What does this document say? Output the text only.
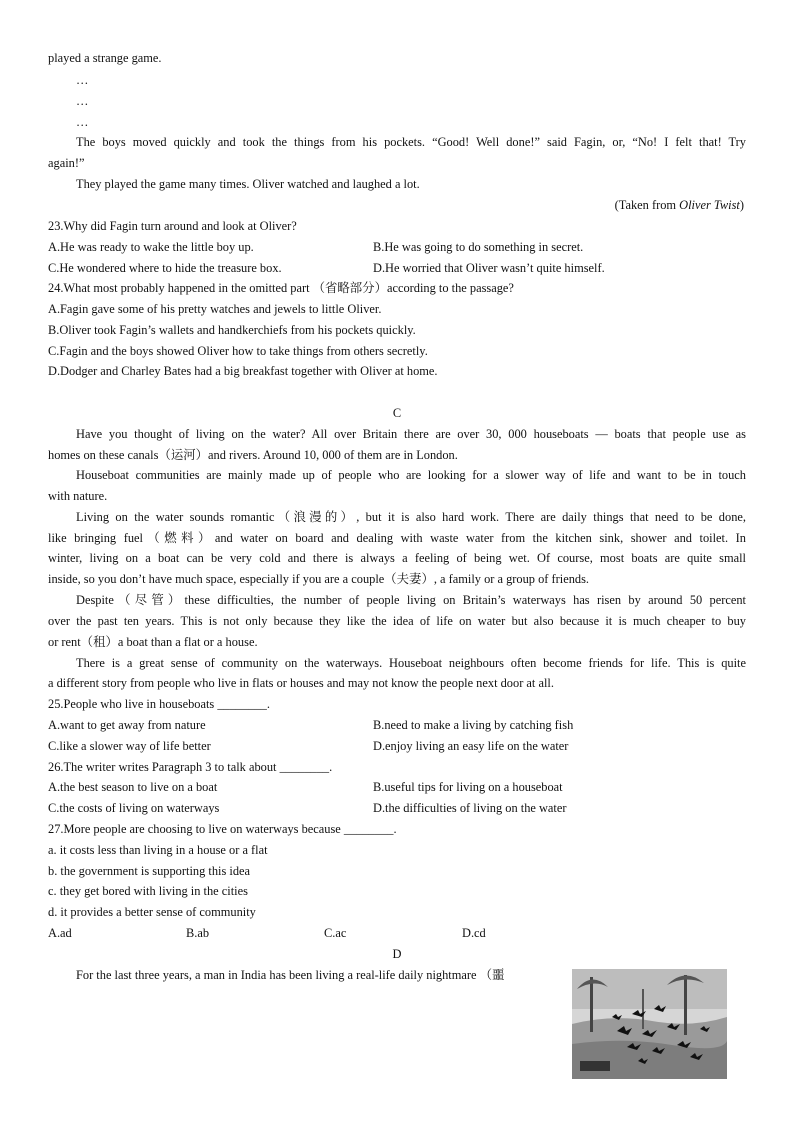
played a strange game.
…
…
…
The boys moved quickly and took the things from his pockets. “Good! Well done!” said Fagin, or, “No! I felt that! Try
again!”
They played the game many times. Oliver watched and laughed a lot.
(Taken from Oliver Twist)
23.Why did Fagin turn around and look at Oliver?
A.He was ready to wake the little boy up.	B.He was going to do something in secret.
C.He wondered where to hide the treasure box.	D.He worried that Oliver wasn’t quite himself.
24.What most probably happened in the omitted part （省略部分）according to the passage?
A.Fagin gave some of his pretty watches and jewels to little Oliver.
B.Oliver took Fagin’s wallets and handkerchiefs from his pockets quickly.
C.Fagin and the boys showed Oliver how to take things from others secretly.
D.Dodger and Charley Bates had a big breakfast together with Oliver at home.
C
Have you thought of living on the water? All over Britain there are over 30, 000 houseboats — boats that people use as
homes on these canals（运河）and rivers. Around 10, 000 of them are in London.
Houseboat communities are mainly made up of people who are looking for a slower way of life and want to be in touch
with nature.
Living on the water sounds romantic（浪漫的）, but it is also hard work. There are daily things that need to be done,
like bringing fuel（燃料）and water on board and dealing with waste water from the kitchen sink, shower and toilet. In
winter, living on a boat can be very cold and there is always a feeling of being wet. Of course, most boats are quite small
inside, so you don’t have much space, especially if you are a couple（夫妻）, a family or a group of friends.
Despite（尽管）these difficulties, the number of people living on Britain’s waterways has risen by around 50 percent
over the past ten years. This is not only because they like the idea of life on water but also because it is much cheaper to buy
or rent（租）a boat than a flat or a house.
There is a great sense of community on the waterways. Houseboat neighbours often become friends for life. This is quite
a different story from people who live in flats or houses and may not know the people next door at all.
25.People who live in houseboats ________.
A.want to get away from nature	B.need to make a living by catching fish
C.like a slower way of life better	D.enjoy living an easy life on the water
26.The writer writes Paragraph 3 to talk about ________.
A.the best season to live on a boat	B.useful tips for living on a houseboat
C.the costs of living on waterways	D.the difficulties of living on the water
27.More people are choosing to live on waterways because ________.
a. it costs less than living in a house or a flat
b. the government is supporting this idea
c. they get bored with living in the cities
d. it provides a better sense of community
A.ad	B.ab	C.ac	D.cd
D
For the last three years, a man in India has been living a real-life daily nightmare （噩
